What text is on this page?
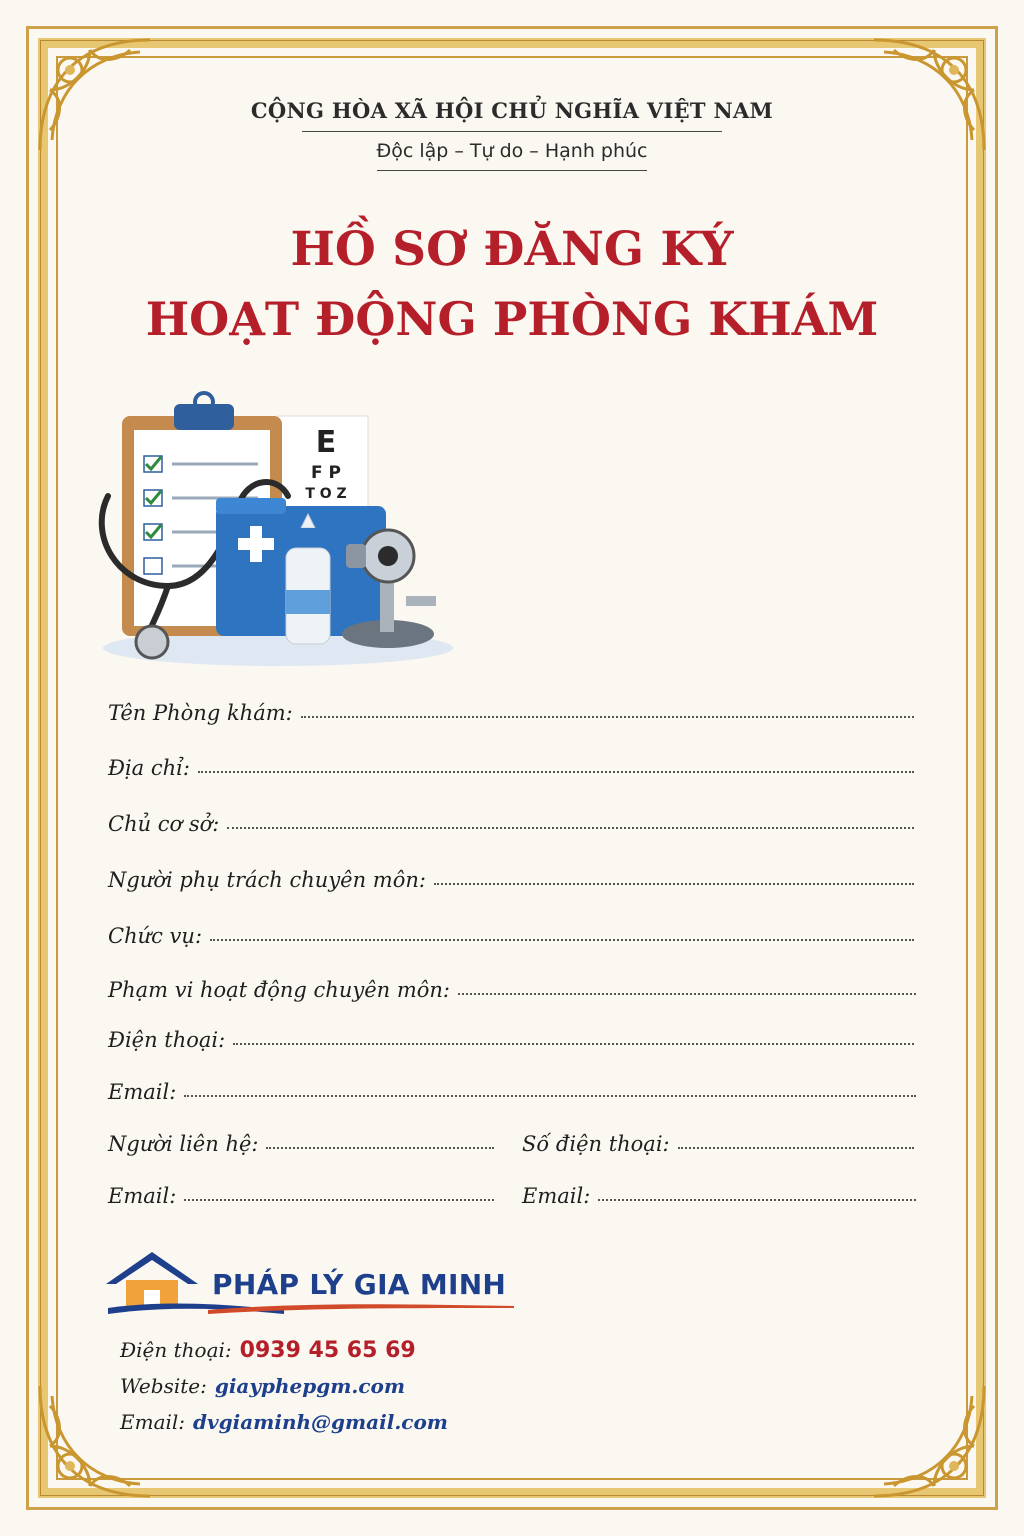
CỘNG HÒA XÃ HỘI CHỦ NGHĨA VIỆT NAM
Độc lập – Tự do – Hạnh phúc
HỒ SƠ ĐĂNG KÝ
HOẠT ĐỘNG PHÒNG KHÁM
E
F P
T O Z
Tên Phòng khám:
Địa chỉ:
Chủ cơ sở:
Người phụ trách chuyên môn:
Chức vụ:
Phạm vi hoạt động chuyên môn:
Điện thoại:
Email:
Người liên hệ:	Số điện thoại:
Email:	Email:
PHÁP LÝ GIA MINH
Điện thoại: 0939 45 65 69
Website: giayphepgm.com
Email: dvgiaminh@gmail.com
